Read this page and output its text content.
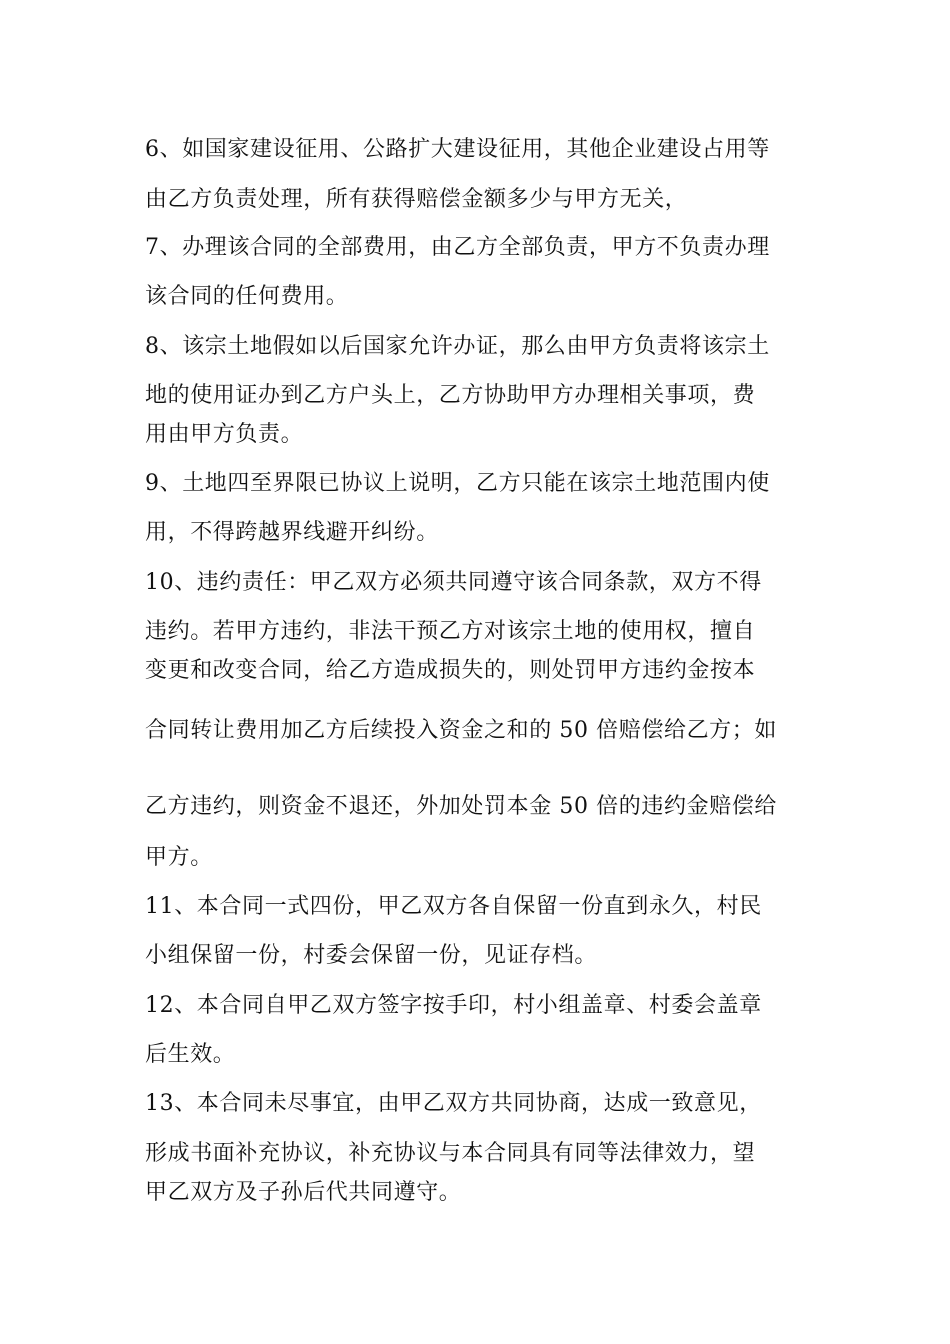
6、如国家建设征用、公路扩大建设征用，其他企业建设占用等
由乙方负责处理，所有获得赔偿金额多少与甲方无关，
7、办理该合同的全部费用，由乙方全部负责，甲方不负责办理
该合同的任何费用。
8、该宗土地假如以后国家允许办证，那么由甲方负责将该宗土
地的使用证办到乙方户头上，乙方协助甲方办理相关事项，费
用由甲方负责。
9、土地四至界限已协议上说明，乙方只能在该宗土地范围内使
用，不得跨越界线避开纠纷。
10、违约责任：甲乙双方必须共同遵守该合同条款，双方不得
违约。若甲方违约，非法干预乙方对该宗土地的使用权，擅自
变更和改变合同，给乙方造成损失的，则处罚甲方违约金按本
合同转让费用加乙方后续投入资金之和的 50 倍赔偿给乙方；如
乙方违约，则资金不退还，外加处罚本金 50 倍的违约金赔偿给
甲方。
11、本合同一式四份，甲乙双方各自保留一份直到永久，村民
小组保留一份，村委会保留一份，见证存档。
12、本合同自甲乙双方签字按手印，村小组盖章、村委会盖章
后生效。
13、本合同未尽事宜，由甲乙双方共同协商，达成一致意见，
形成书面补充协议，补充协议与本合同具有同等法律效力，望
甲乙双方及子孙后代共同遵守。
